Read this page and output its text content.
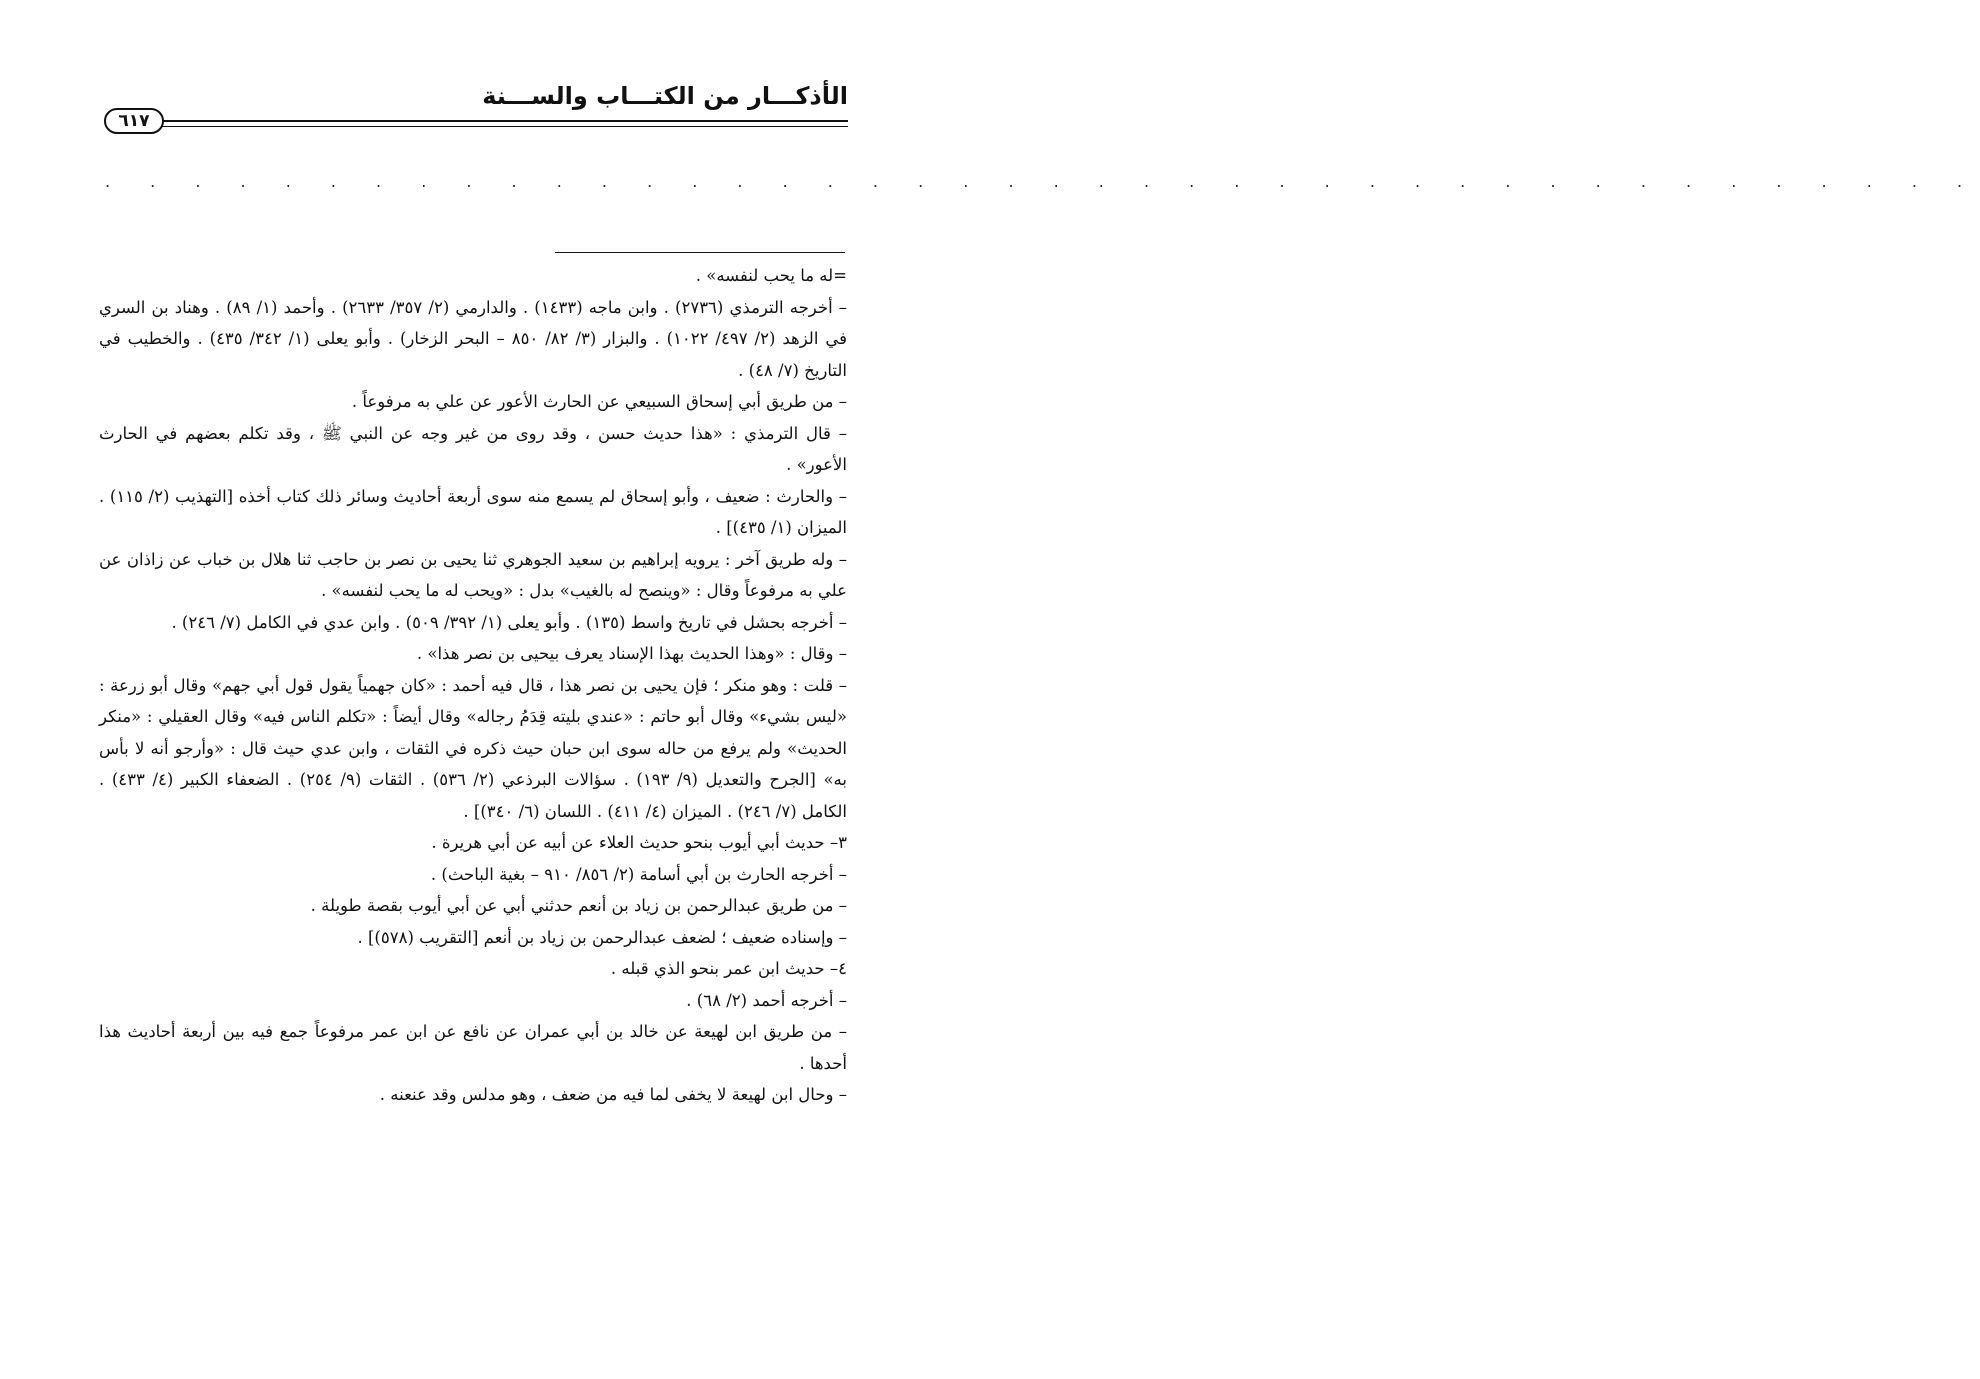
الأذكـــار من الكتـــاب والســـنة
٦١٧
. . . . . . . . . . . . . . . . . . . . . . . . . . . . . . . . . . . . . . . . . .

=له ما يحب لنفسه» .

– أخرجه الترمذي (٢٧٣٦) . وابن ماجه (١٤٣٣) . والدارمي (٢/ ٣٥٧/ ٢٦٣٣) . وأحمد (١/ ٨٩) . وهناد بن السري في الزهد (٢/ ٤٩٧/ ١٠٢٢) . والبزار (٣/ ٨٢/ ٨٥٠ – البحر الزخار) . وأبو يعلى (١/ ٣٤٢/ ٤٣٥) . والخطيب في التاريخ (٧/ ٤٨) .

– من طريق أبي إسحاق السبيعي عن الحارث الأعور عن علي به مرفوعاً .

– قال الترمذي : «هذا حديث حسن ، وقد روى من غير وجه عن النبي ﷺ ، وقد تكلم بعضهم في الحارث الأعور» .

– والحارث : ضعيف ، وأبو إسحاق لم يسمع منه سوى أربعة أحاديث وسائر ذلك كتاب أخذه [التهذيب (٢/ ١١٥) . الميزان (١/ ٤٣٥)] .

– وله طريق آخر : يرويه إبراهيم بن سعيد الجوهري ثنا يحيى بن نصر بن حاجب ثنا هلال بن خباب عن زاذان عن علي به مرفوعاً وقال : «وينصح له بالغيب» بدل : «ويحب له ما يحب لنفسه» .

– أخرجه بحشل في تاريخ واسط (١٣٥) . وأبو يعلى (١/ ٣٩٢/ ٥٠٩) . وابن عدي في الكامل (٧/ ٢٤٦) .

– وقال : «وهذا الحديث بهذا الإسناد يعرف بيحيى بن نصر هذا» .

– قلت : وهو منكر ؛ فإن يحيى بن نصر هذا ، قال فيه أحمد : «كان جهمياً يقول قول أبي جهم» وقال أبو زرعة : «ليس بشيء» وقال أبو حاتم : «عندي بليته قِدَمُ رجاله» وقال أيضاً : «تكلم الناس فيه» وقال العقيلي : «منكر الحديث» ولم يرفع من حاله سوى ابن حبان حيث ذكره في الثقات ، وابن عدي حيث قال : «وأرجو أنه لا بأس به» [الجرح والتعديل (٩/ ١٩٣) . سؤالات البرذعي (٢/ ٥٣٦) . الثقات (٩/ ٢٥٤) . الضعفاء الكبير (٤/ ٤٣٣) . الكامل (٧/ ٢٤٦) . الميزان (٤/ ٤١١) . اللسان (٦/ ٣٤٠)] .

٣– حديث أبي أيوب بنحو حديث العلاء عن أبيه عن أبي هريرة .

– أخرجه الحارث بن أبي أسامة (٢/ ٨٥٦/ ٩١٠ – بغية الباحث) .

– من طريق عبدالرحمن بن زياد بن أنعم حدثني أبي عن أبي أيوب بقصة طويلة .

– وإسناده ضعيف ؛ لضعف عبدالرحمن بن زياد بن أنعم [التقريب (٥٧٨)] .

٤– حديث ابن عمر بنحو الذي قبله .

– أخرجه أحمد (٢/ ٦٨) .

– من طريق ابن لهيعة عن خالد بن أبي عمران عن نافع عن ابن عمر مرفوعاً جمع فيه بين أربعة أحاديث هذا أحدها .

– وحال ابن لهيعة لا يخفى لما فيه من ضعف ، وهو مدلس وقد عنعنه .
